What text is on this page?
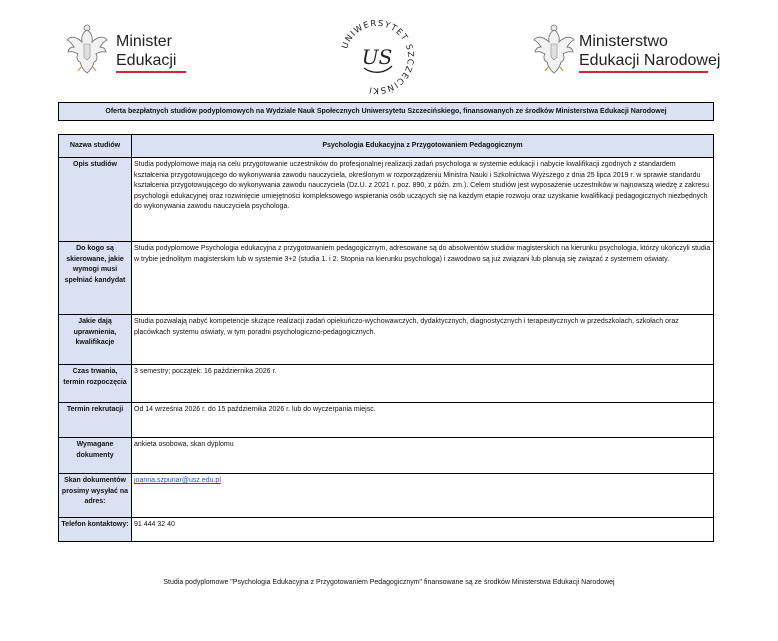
Minister
Edukacji
UNIWERSYTET SZCZECIŃSKI
US
Ministerstwo
Edukacji Narodowej
Oferta bezpłatnych studiów podyplomowych na Wydziale Nauk Społecznych Uniwersytetu Szczecińskiego, finansowanych ze środków Ministerstwa Edukacji Narodowej
Nazwa studiów	Psychologia Edukacyjna z Przygotowaniem Pedagogicznym
Opis studiów	Studia podyplomowe mają na celu przygotowanie uczestników do profesjonalnej realizacji zadań psychologa w systemie edukacji i nabycie kwalifikacji zgodnych z standardem kształcenia przygotowującego do wykonywania zawodu nauczyciela, określonym w rozporządzeniu Ministra Nauki i Szkolnictwa Wyższego z dnia 25 lipca 2019 r. w sprawie standardu kształcenia przygotowującego do wykonywania zawodu nauczyciela (Dz.U. z 2021 r. poz. 890, z późn. zm.). Celem studiów jest wyposażenie uczestników w najnowszą wiedzę z zakresu psychologii edukacyjnej oraz rozwinięcie umiejętności kompleksowego wspierania osób uczących się na każdym etapie rozwoju oraz uzyskanie kwalifikacji pedagogicznych niezbędnych do wykonywania zawodu nauczyciela psychologa.
Do kogo są skierowane, jakie wymogi musi spełniać kandydat	Studia podyplomowe Psychologia edukacyjna z przygotowaniem pedagogicznym, adresowane są do absolwentów studiów magisterskich na kierunku psychologia, którzy ukończyli studia w trybie jednolitym magisterskim lub w systemie 3+2 (studia 1. i 2. Stopnia na kierunku psychologa) i zawodowo są już związani lub planują się związać z systemem oświaty.
Jakie dają uprawnienia, kwalifikacje	Studia pozwalają nabyć kompetencje służące realizacji zadań opiekuńczo-wychowawczych, dydaktycznych, diagnostycznych i terapeutycznych w przedszkolach, szkołach oraz placówkach systemu oświaty, w tym poradni psychologiczno-pedagogicznych.
Czas trwania, termin rozpoczęcia	3 semestry; początek: 16 października 2026 r.
Termin rekrutacji	Od 14 września 2026 r. do 15 października 2026 r. lub do wyczerpania miejsc.
Wymagane dokumenty	ankieta osobowa, skan dyplomu
Skan dokumentów prosimy wysyłać na adres:	joanna.szpunar@usz.edu.pl
Telefon kontaktowy:	91 444 32 40
Studia podyplomowe "Psychologia Edukacyjna z Przygotowaniem Pedagogicznym" finansowane są ze środków Ministerstwa Edukacji Narodowej
